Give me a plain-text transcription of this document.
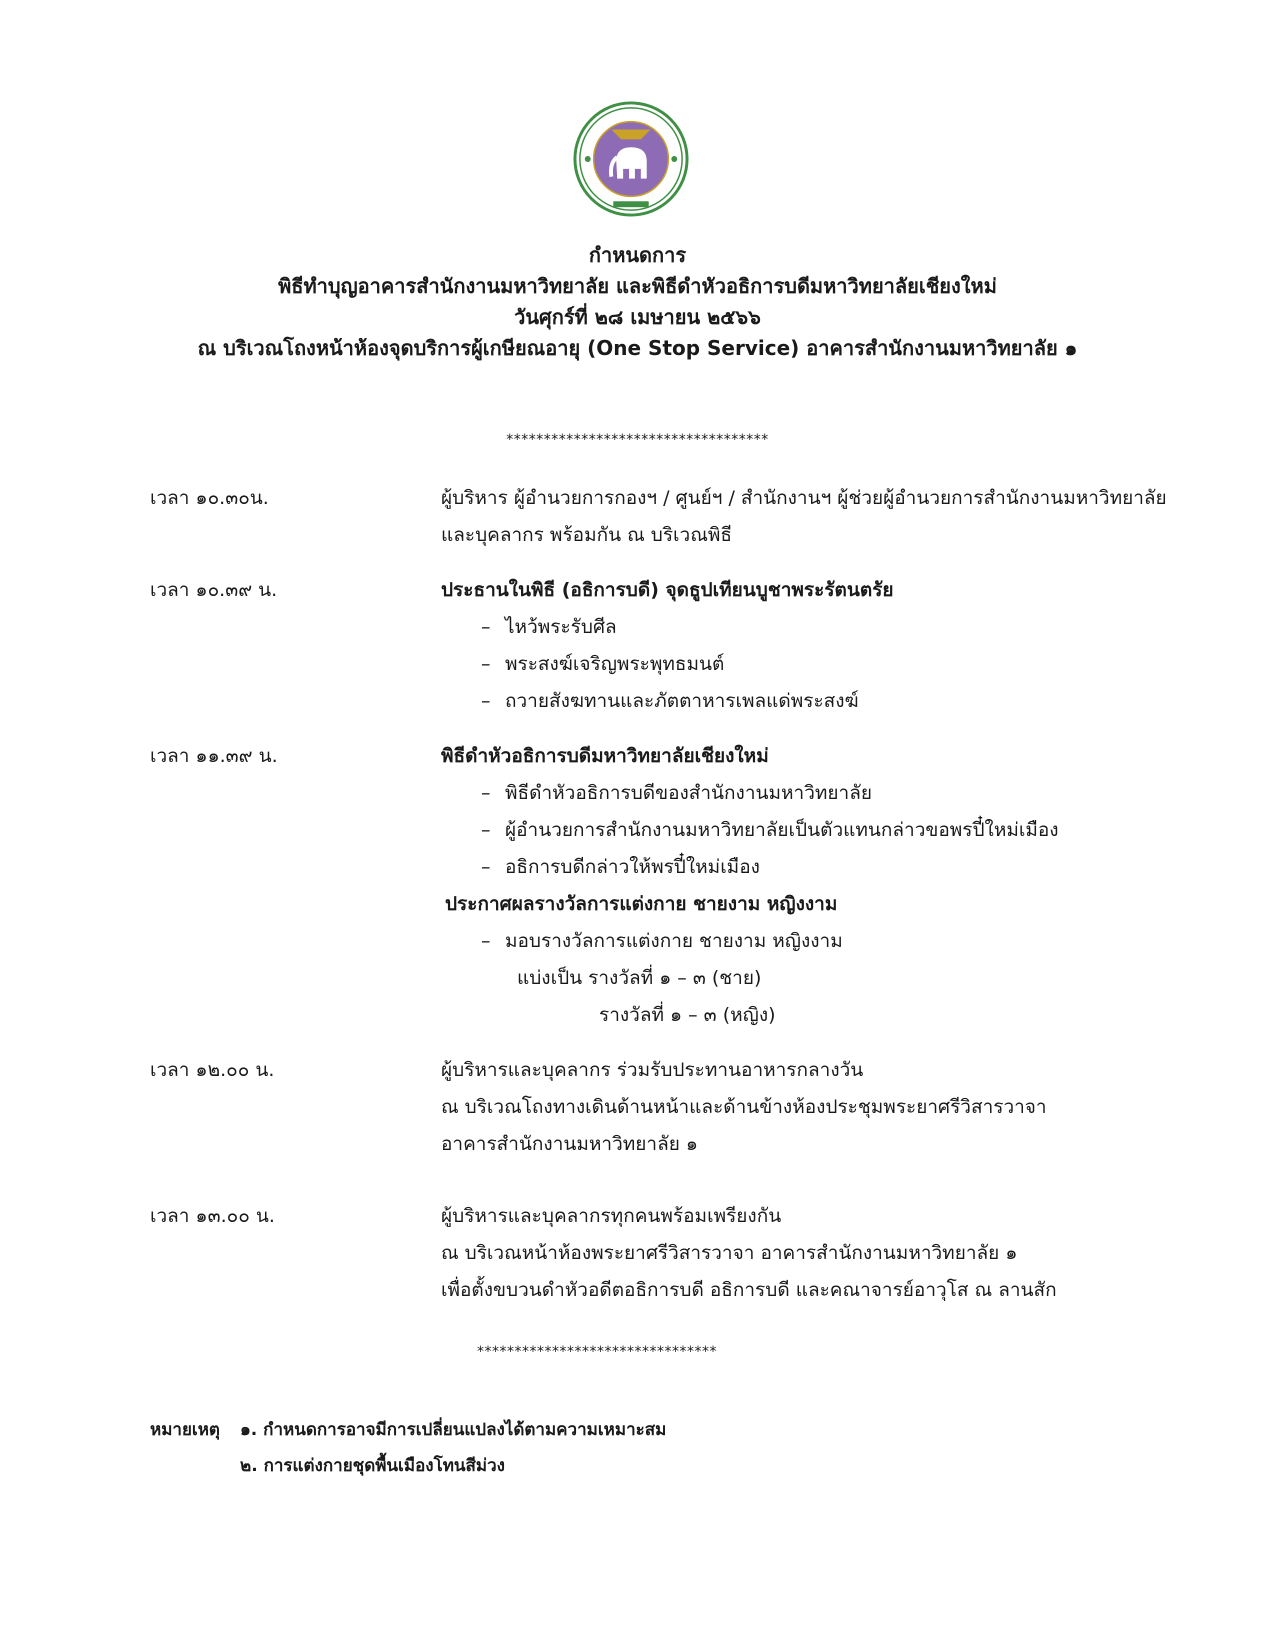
กำหนดการ
พิธีทำบุญอาคารสำนักงานมหาวิทยาลัย และพิธีดำหัวอธิการบดีมหาวิทยาลัยเชียงใหม่
วันศุกร์ที่ ๒๘ เมษายน ๒๕๖๖
ณ บริเวณโถงหน้าห้องจุดบริการผู้เกษียณอายุ (One Stop Service) อาคารสำนักงานมหาวิทยาลัย ๑
***********************************
เวลา ๑๐.๓๐น.	ผู้บริหาร ผู้อำนวยการกองฯ / ศูนย์ฯ / สำนักงานฯ ผู้ช่วยผู้อำนวยการสำนักงานมหาวิทยาลัย
และบุคลากร พร้อมกัน ณ บริเวณพิธี
เวลา ๑๐.๓๙ น.	ประธานในพิธี (อธิการบดี) จุดธูปเทียนบูชาพระรัตนตรัย
– ไหว้พระรับศีล
– พระสงฆ์เจริญพระพุทธมนต์
– ถวายสังฆทานและภัตตาหารเพลแด่พระสงฆ์
เวลา ๑๑.๓๙ น.	พิธีดำหัวอธิการบดีมหาวิทยาลัยเชียงใหม่
– พิธีดำหัวอธิการบดีของสำนักงานมหาวิทยาลัย
– ผู้อำนวยการสำนักงานมหาวิทยาลัยเป็นตัวแทนกล่าวขอพรปี๋ใหม่เมือง
– อธิการบดีกล่าวให้พรปี๋ใหม่เมือง
ประกาศผลรางวัลการแต่งกาย ชายงาม หญิงงาม
– มอบรางวัลการแต่งกาย ชายงาม หญิงงาม
แบ่งเป็น รางวัลที่ ๑ – ๓ (ชาย)
รางวัลที่ ๑ – ๓ (หญิง)
เวลา ๑๒.๐๐ น.	ผู้บริหารและบุคลากร ร่วมรับประทานอาหารกลางวัน
ณ บริเวณโถงทางเดินด้านหน้าและด้านข้างห้องประชุมพระยาศรีวิสารวาจา
อาคารสำนักงานมหาวิทยาลัย ๑
เวลา ๑๓.๐๐ น.	ผู้บริหารและบุคลากรทุกคนพร้อมเพรียงกัน
ณ บริเวณหน้าห้องพระยาศรีวิสารวาจา อาคารสำนักงานมหาวิทยาลัย ๑
เพื่อตั้งขบวนดำหัวอดีตอธิการบดี อธิการบดี และคณาจารย์อาวุโส ณ ลานสัก
********************************
หมายเหตุ ๑. กำหนดการอาจมีการเปลี่ยนแปลงได้ตามความเหมาะสม
๒. การแต่งกายชุดพื้นเมืองโทนสีม่วง
